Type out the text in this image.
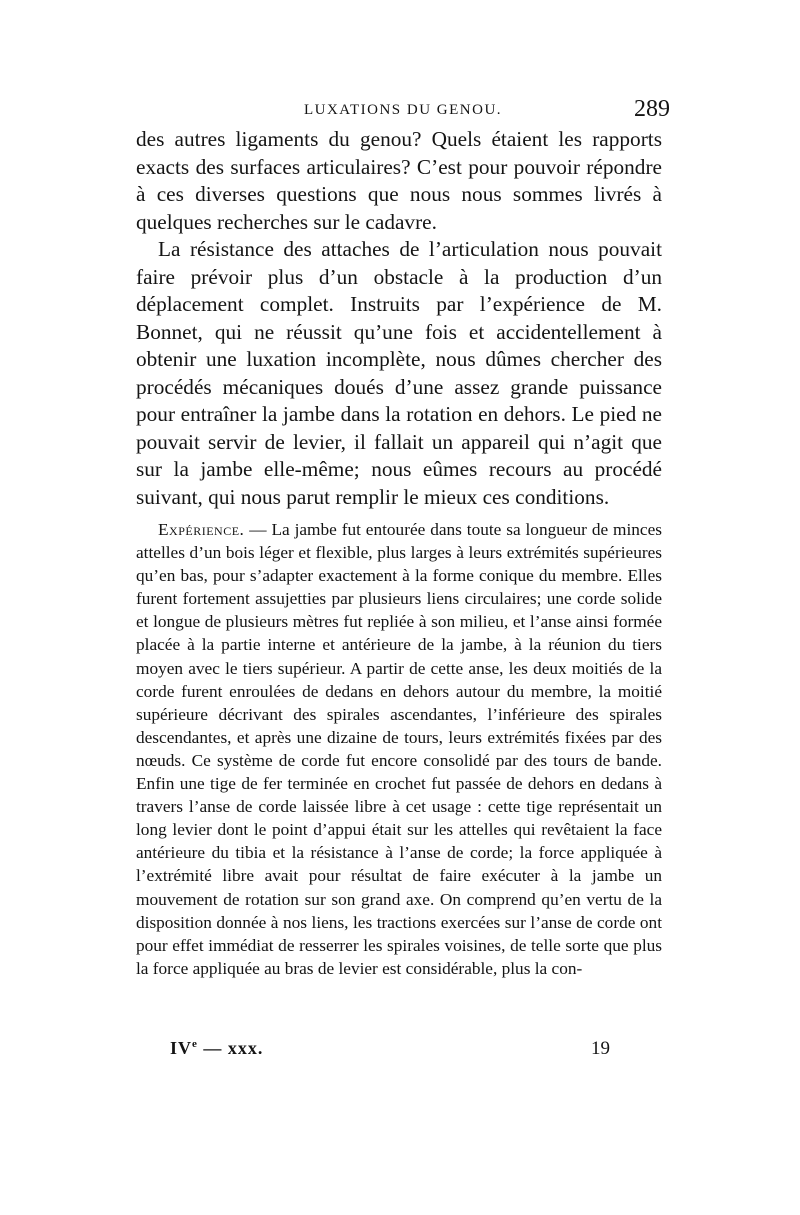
LUXATIONS DU GENOU.	289

des autres ligaments du genou? Quels étaient les rapports exacts des surfaces articulaires? C’est pour pouvoir répondre à ces diverses questions que nous nous sommes livrés à quelques recherches sur le cadavre.

La résistance des attaches de l’articulation nous pouvait faire prévoir plus d’un obstacle à la production d’un déplacement complet. Instruits par l’expérience de M. Bonnet, qui ne réussit qu’une fois et accidentellement à obtenir une luxation incomplète, nous dûmes chercher des procédés mécaniques doués d’une assez grande puissance pour entraîner la jambe dans la rotation en dehors. Le pied ne pouvait servir de levier, il fallait un appareil qui n’agit que sur la jambe elle-même; nous eûmes recours au procédé suivant, qui nous parut remplir le mieux ces conditions.

Expérience. — La jambe fut entourée dans toute sa longueur de minces attelles d’un bois léger et flexible, plus larges à leurs extrémités supérieures qu’en bas, pour s’adapter exactement à la forme conique du membre. Elles furent fortement assujetties par plusieurs liens circulaires; une corde solide et longue de plusieurs mètres fut repliée à son milieu, et l’anse ainsi formée placée à la partie interne et antérieure de la jambe, à la réunion du tiers moyen avec le tiers supérieur. A partir de cette anse, les deux moitiés de la corde furent enroulées de dedans en dehors autour du membre, la moitié supérieure décrivant des spirales ascendantes, l’inférieure des spirales descendantes, et après une dizaine de tours, leurs extrémités fixées par des nœuds. Ce système de corde fut encore consolidé par des tours de bande. Enfin une tige de fer terminée en crochet fut passée de dehors en dedans à travers l’anse de corde laissée libre à cet usage : cette tige représentait un long levier dont le point d’appui était sur les attelles qui revêtaient la face antérieure du tibia et la résistance à l’anse de corde; la force appliquée à l’extrémité libre avait pour résultat de faire exécuter à la jambe un mouvement de rotation sur son grand axe. On comprend qu’en vertu de la disposition donnée à nos liens, les tractions exercées sur l’anse de corde ont pour effet immédiat de resserrer les spirales voisines, de telle sorte que plus la force appliquée au bras de levier est considérable, plus la con-

IVe — xxx.	19
